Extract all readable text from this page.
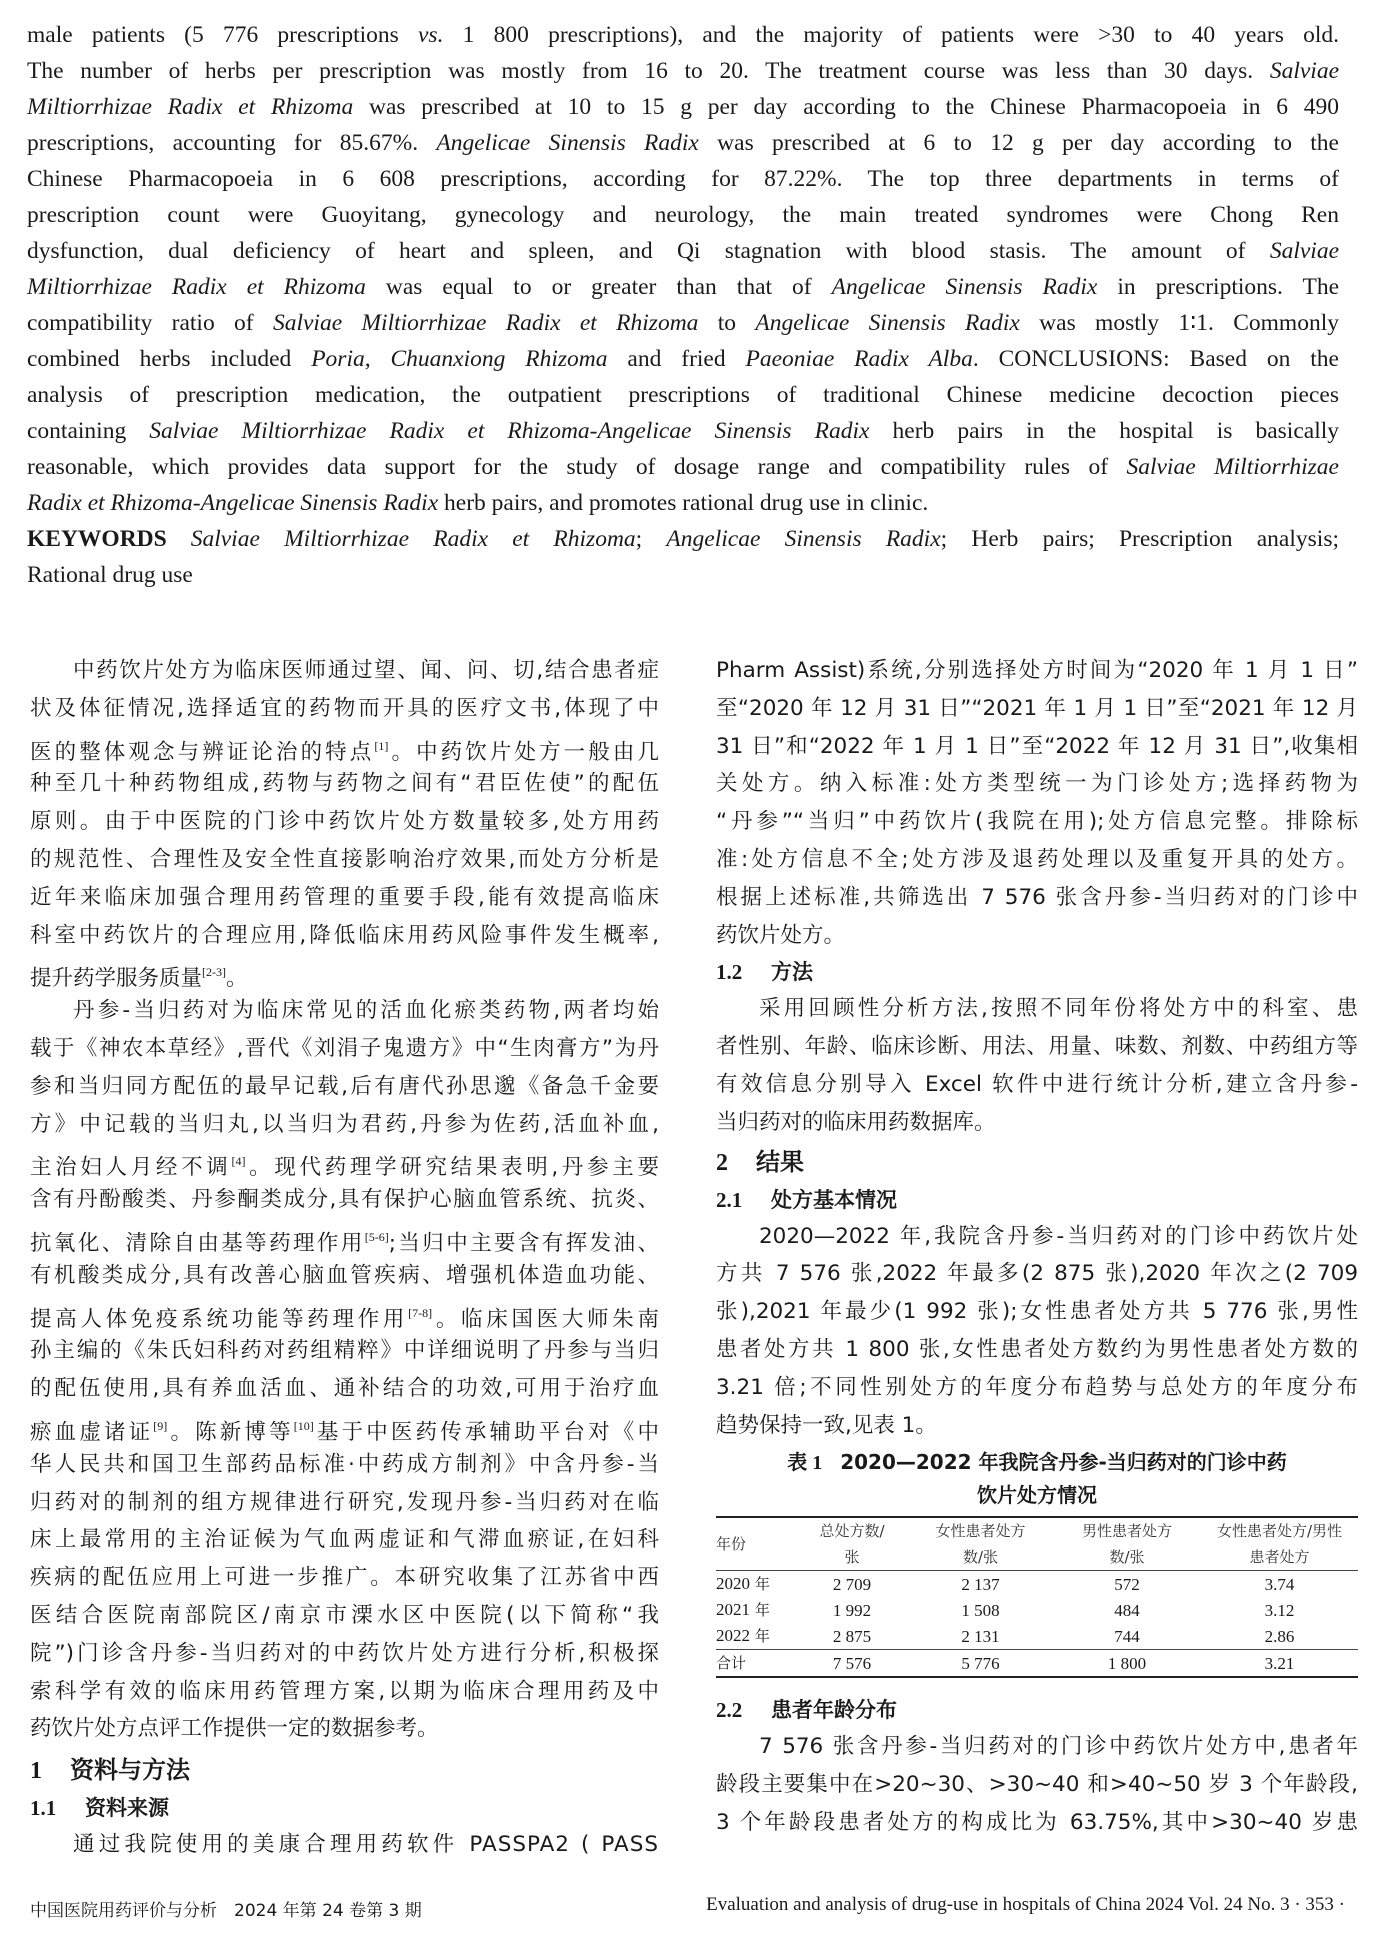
male patients (5 776 prescriptions vs. 1 800 prescriptions), and the majority of patients were >30 to 40 years old.
The number of herbs per prescription was mostly from 16 to 20. The treatment course was less than 30 days. Salviae
Miltiorrhizae Radix et Rhizoma was prescribed at 10 to 15 g per day according to the Chinese Pharmacopoeia in 6 490
prescriptions, accounting for 85.67%. Angelicae Sinensis Radix was prescribed at 6 to 12 g per day according to the
Chinese Pharmacopoeia in 6 608 prescriptions, according for 87.22%. The top three departments in terms of
prescription count were Guoyitang, gynecology and neurology, the main treated syndromes were Chong Ren
dysfunction, dual deficiency of heart and spleen, and Qi stagnation with blood stasis. The amount of Salviae
Miltiorrhizae Radix et Rhizoma was equal to or greater than that of Angelicae Sinensis Radix in prescriptions. The
compatibility ratio of Salviae Miltiorrhizae Radix et Rhizoma to Angelicae Sinensis Radix was mostly 1∶1. Commonly
combined herbs included Poria, Chuanxiong Rhizoma and fried Paeoniae Radix Alba. CONCLUSIONS: Based on the
analysis of prescription medication, the outpatient prescriptions of traditional Chinese medicine decoction pieces
containing Salviae Miltiorrhizae Radix et Rhizoma-Angelicae Sinensis Radix herb pairs in the hospital is basically
reasonable, which provides data support for the study of dosage range and compatibility rules of Salviae Miltiorrhizae
Radix et Rhizoma-Angelicae Sinensis Radix herb pairs, and promotes rational drug use in clinic.
KEYWORDS Salviae Miltiorrhizae Radix et Rhizoma; Angelicae Sinensis Radix; Herb pairs; Prescription analysis;
Rational drug use
中药饮片处方为临床医师通过望、闻、问、切,结合患者症
状及体征情况,选择适宜的药物而开具的医疗文书,体现了中
医的整体观念与辨证论治的特点[1]。中药饮片处方一般由几
种至几十种药物组成,药物与药物之间有“君臣佐使”的配伍
原则。由于中医院的门诊中药饮片处方数量较多,处方用药
的规范性、合理性及安全性直接影响治疗效果,而处方分析是
近年来临床加强合理用药管理的重要手段,能有效提高临床
科室中药饮片的合理应用,降低临床用药风险事件发生概率,
提升药学服务质量[2-3]。
丹参-当归药对为临床常见的活血化瘀类药物,两者均始
载于《神农本草经》,晋代《刘涓子鬼遗方》中“生肉膏方”为丹
参和当归同方配伍的最早记载,后有唐代孙思邈《备急千金要
方》中记载的当归丸,以当归为君药,丹参为佐药,活血补血,
主治妇人月经不调[4]。现代药理学研究结果表明,丹参主要
含有丹酚酸类、丹参酮类成分,具有保护心脑血管系统、抗炎、
抗氧化、清除自由基等药理作用[5-6];当归中主要含有挥发油、
有机酸类成分,具有改善心脑血管疾病、增强机体造血功能、
提高人体免疫系统功能等药理作用[7-8]。临床国医大师朱南
孙主编的《朱氏妇科药对药组精粹》中详细说明了丹参与当归
的配伍使用,具有养血活血、通补结合的功效,可用于治疗血
瘀血虚诸证[9]。陈新博等[10]基于中医药传承辅助平台对《中
华人民共和国卫生部药品标准·中药成方制剂》中含丹参-当
归药对的制剂的组方规律进行研究,发现丹参-当归药对在临
床上最常用的主治证候为气血两虚证和气滞血瘀证,在妇科
疾病的配伍应用上可进一步推广。本研究收集了江苏省中西
医结合医院南部院区/南京市溧水区中医院(以下简称“我
院”)门诊含丹参-当归药对的中药饮片处方进行分析,积极探
索科学有效的临床用药管理方案,以期为临床合理用药及中
药饮片处方点评工作提供一定的数据参考。
1 资料与方法
1.1 资料来源
通过我院使用的美康合理用药软件 PASSPA2 ( PASS
Pharm Assist)系统,分别选择处方时间为“2020 年 1 月 1 日”
至“2020 年 12 月 31 日”“2021 年 1 月 1 日”至“2021 年 12 月
31 日”和“2022 年 1 月 1 日”至“2022 年 12 月 31 日”,收集相
关处方。纳入标准:处方类型统一为门诊处方;选择药物为
“丹参”“当归”中药饮片(我院在用);处方信息完整。排除标
准:处方信息不全;处方涉及退药处理以及重复开具的处方。
根据上述标准,共筛选出 7 576 张含丹参-当归药对的门诊中
药饮片处方。
1.2 方法
采用回顾性分析方法,按照不同年份将处方中的科室、患
者性别、年龄、临床诊断、用法、用量、味数、剂数、中药组方等
有效信息分别导入 Excel 软件中进行统计分析,建立含丹参-
当归药对的临床用药数据库。
2 结果
2.1 处方基本情况
2020—2022 年,我院含丹参-当归药对的门诊中药饮片处
方共 7 576 张,2022 年最多(2 875 张),2020 年次之(2 709
张),2021 年最少(1 992 张);女性患者处方共 5 776 张,男性
患者处方共 1 800 张,女性患者处方数约为男性患者处方数的
3.21 倍;不同性别处方的年度分布趋势与总处方的年度分布
趋势保持一致,见表 1。
表 1 2020—2022 年我院含丹参-当归药对的门诊中药
饮片处方情况
年份	总处方数/	女性患者处方	男性患者处方	女性患者处方/男性
	张	数/张	数/张	患者处方
2020 年	2 709	2 137	572	3.74
2021 年	1 992	1 508	484	3.12
2022 年	2 875	2 131	744	2.86
合计	7 576	5 776	1 800	3.21
2.2 患者年龄分布
7 576 张含丹参-当归药对的门诊中药饮片处方中,患者年
龄段主要集中在>20~30、>30~40 和>40~50 岁 3 个年龄段,
3 个年龄段患者处方的构成比为 63.75%,其中>30~40 岁患
中国医院用药评价与分析　2024 年第 24 卷第 3 期	Evaluation and analysis of drug-use in hospitals of China 2024 Vol. 24 No. 3 · 353 ·
